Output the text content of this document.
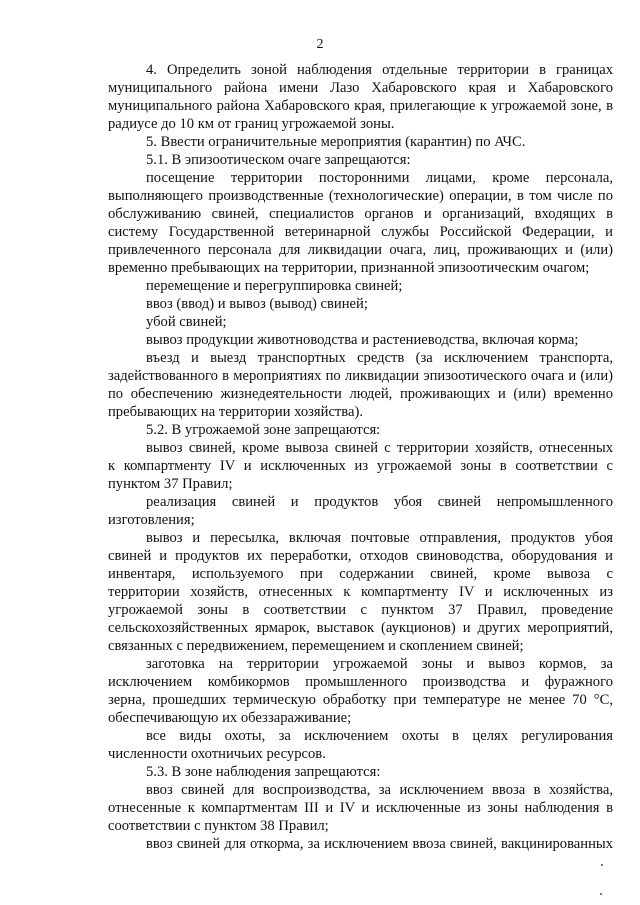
2
4. Определить зоной наблюдения отдельные территории в границах
муниципального района имени Лазо Хабаровского края и Хабаровского
муниципального района Хабаровского края, прилегающие к угрожаемой зоне, в
радиусе до 10 км от границ угрожаемой зоны.
5. Ввести ограничительные мероприятия (карантин) по АЧС.
5.1. В эпизоотическом очаге запрещаются:
посещение территории посторонними лицами, кроме персонала,
выполняющего производственные (технологические) операции, в том числе по
обслуживанию свиней, специалистов органов и организаций, входящих в
систему Государственной ветеринарной службы Российской Федерации, и
привлеченного персонала для ликвидации очага, лиц, проживающих и (или)
временно пребывающих на территории, признанной эпизоотическим очагом;
перемещение и перегруппировка свиней;
ввоз (ввод) и вывоз (вывод) свиней;
убой свиней;
вывоз продукции животноводства и растениеводства, включая корма;
въезд и выезд транспортных средств (за исключением транспорта,
задействованного в мероприятиях по ликвидации эпизоотического очага и (или)
по обеспечению жизнедеятельности людей, проживающих и (или) временно
пребывающих на территории хозяйства).
5.2. В угрожаемой зоне запрещаются:
вывоз свиней, кроме вывоза свиней с территории хозяйств, отнесенных
к компартменту IV и исключенных из угрожаемой зоны в соответствии с
пунктом 37 Правил;
реализация свиней и продуктов убоя свиней непромышленного
изготовления;
вывоз и пересылка, включая почтовые отправления, продуктов убоя
свиней и продуктов их переработки, отходов свиноводства, оборудования и
инвентаря, используемого при содержании свиней, кроме вывоза с
территории хозяйств, отнесенных к компартменту IV и исключенных из
угрожаемой зоны в соответствии с пунктом 37 Правил, проведение
сельскохозяйственных ярмарок, выставок (аукционов) и других мероприятий,
связанных с передвижением, перемещением и скоплением свиней;
заготовка на территории угрожаемой зоны и вывоз кормов, за
исключением комбикормов промышленного производства и фуражного
зерна, прошедших термическую обработку при температуре не менее 70 °С,
обеспечивающую их обеззараживание;
все виды охоты, за исключением охоты в целях регулирования
численности охотничьих ресурсов.
5.3. В зоне наблюдения запрещаются:
ввоз свиней для воспроизводства, за исключением ввоза в хозяйства,
отнесенные к компартментам III и IV и исключенные из зоны наблюдения в
соответствии с пунктом 38 Правил;
ввоз свиней для откорма, за исключением ввоза свиней, вакцинированных
